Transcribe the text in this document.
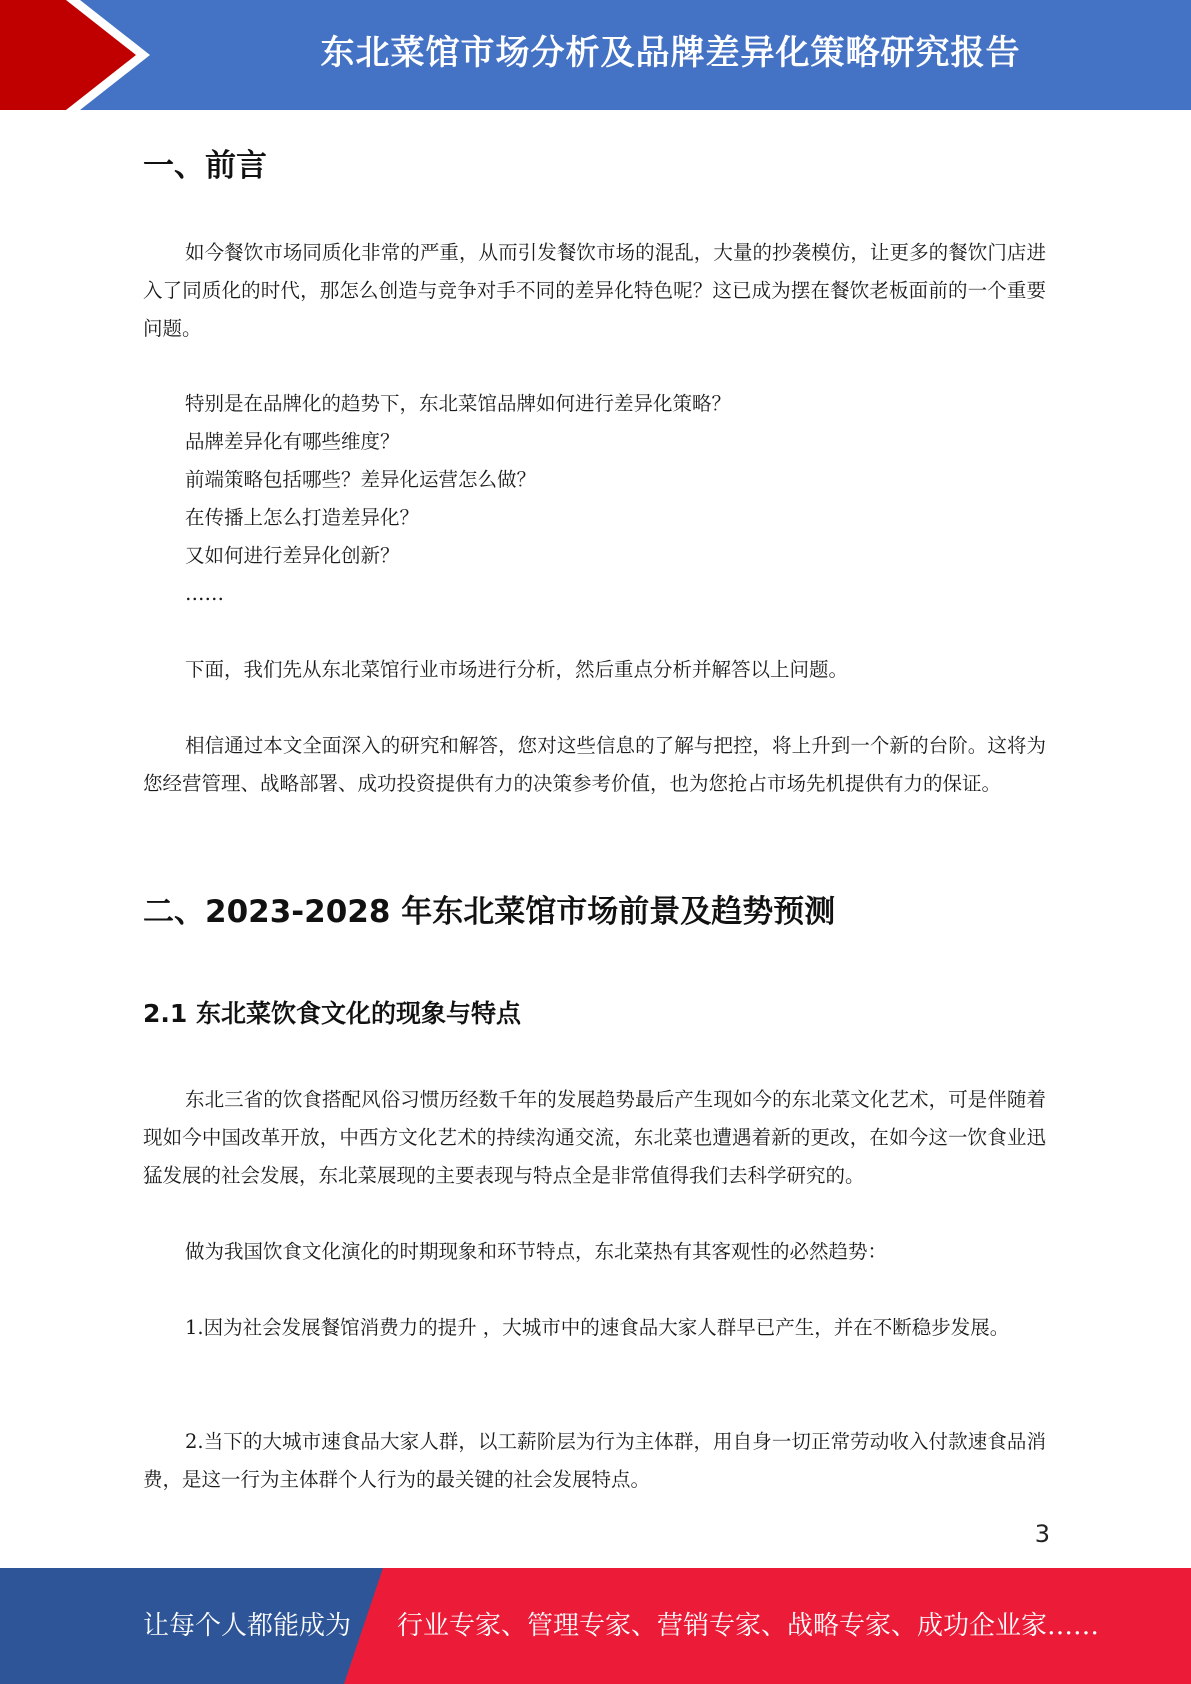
东北菜馆市场分析及品牌差异化策略研究报告
一、前言

如今餐饮市场同质化非常的严重，从而引发餐饮市场的混乱，大量的抄袭模仿，让更多的餐饮门店进入了同质化的时代，那怎么创造与竞争对手不同的差异化特色呢？这已成为摆在餐饮老板面前的一个重要问题。

特别是在品牌化的趋势下，东北菜馆品牌如何进行差异化策略？
品牌差异化有哪些维度？
前端策略包括哪些？差异化运营怎么做？
在传播上怎么打造差异化？
又如何进行差异化创新？
……

下面，我们先从东北菜馆行业市场进行分析，然后重点分析并解答以上问题。

相信通过本文全面深入的研究和解答，您对这些信息的了解与把控，将上升到一个新的台阶。这将为您经营管理、战略部署、成功投资提供有力的决策参考价值，也为您抢占市场先机提供有力的保证。

二、2023-2028 年东北菜馆市场前景及趋势预测
2.1 东北菜饮食文化的现象与特点

东北三省的饮食搭配风俗习惯历经数千年的发展趋势最后产生现如今的东北菜文化艺术，可是伴随着现如今中国改革开放，中西方文化艺术的持续沟通交流，东北菜也遭遇着新的更改，在如今这一饮食业迅猛发展的社会发展，东北菜展现的主要表现与特点全是非常值得我们去科学研究的。

做为我国饮食文化演化的时期现象和环节特点，东北菜热有其客观性的必然趋势：

1.因为社会发展餐馆消费力的提升 ，大城市中的速食品大家人群早已产生，并在不断稳步发展。

2.当下的大城市速食品大家人群，以工薪阶层为行为主体群，用自身一切正常劳动收入付款速食品消费，是这一行为主体群个人行为的最关键的社会发展特点。

3
让每个人都能成为 行业专家、管理专家、营销专家、战略专家、成功企业家……
